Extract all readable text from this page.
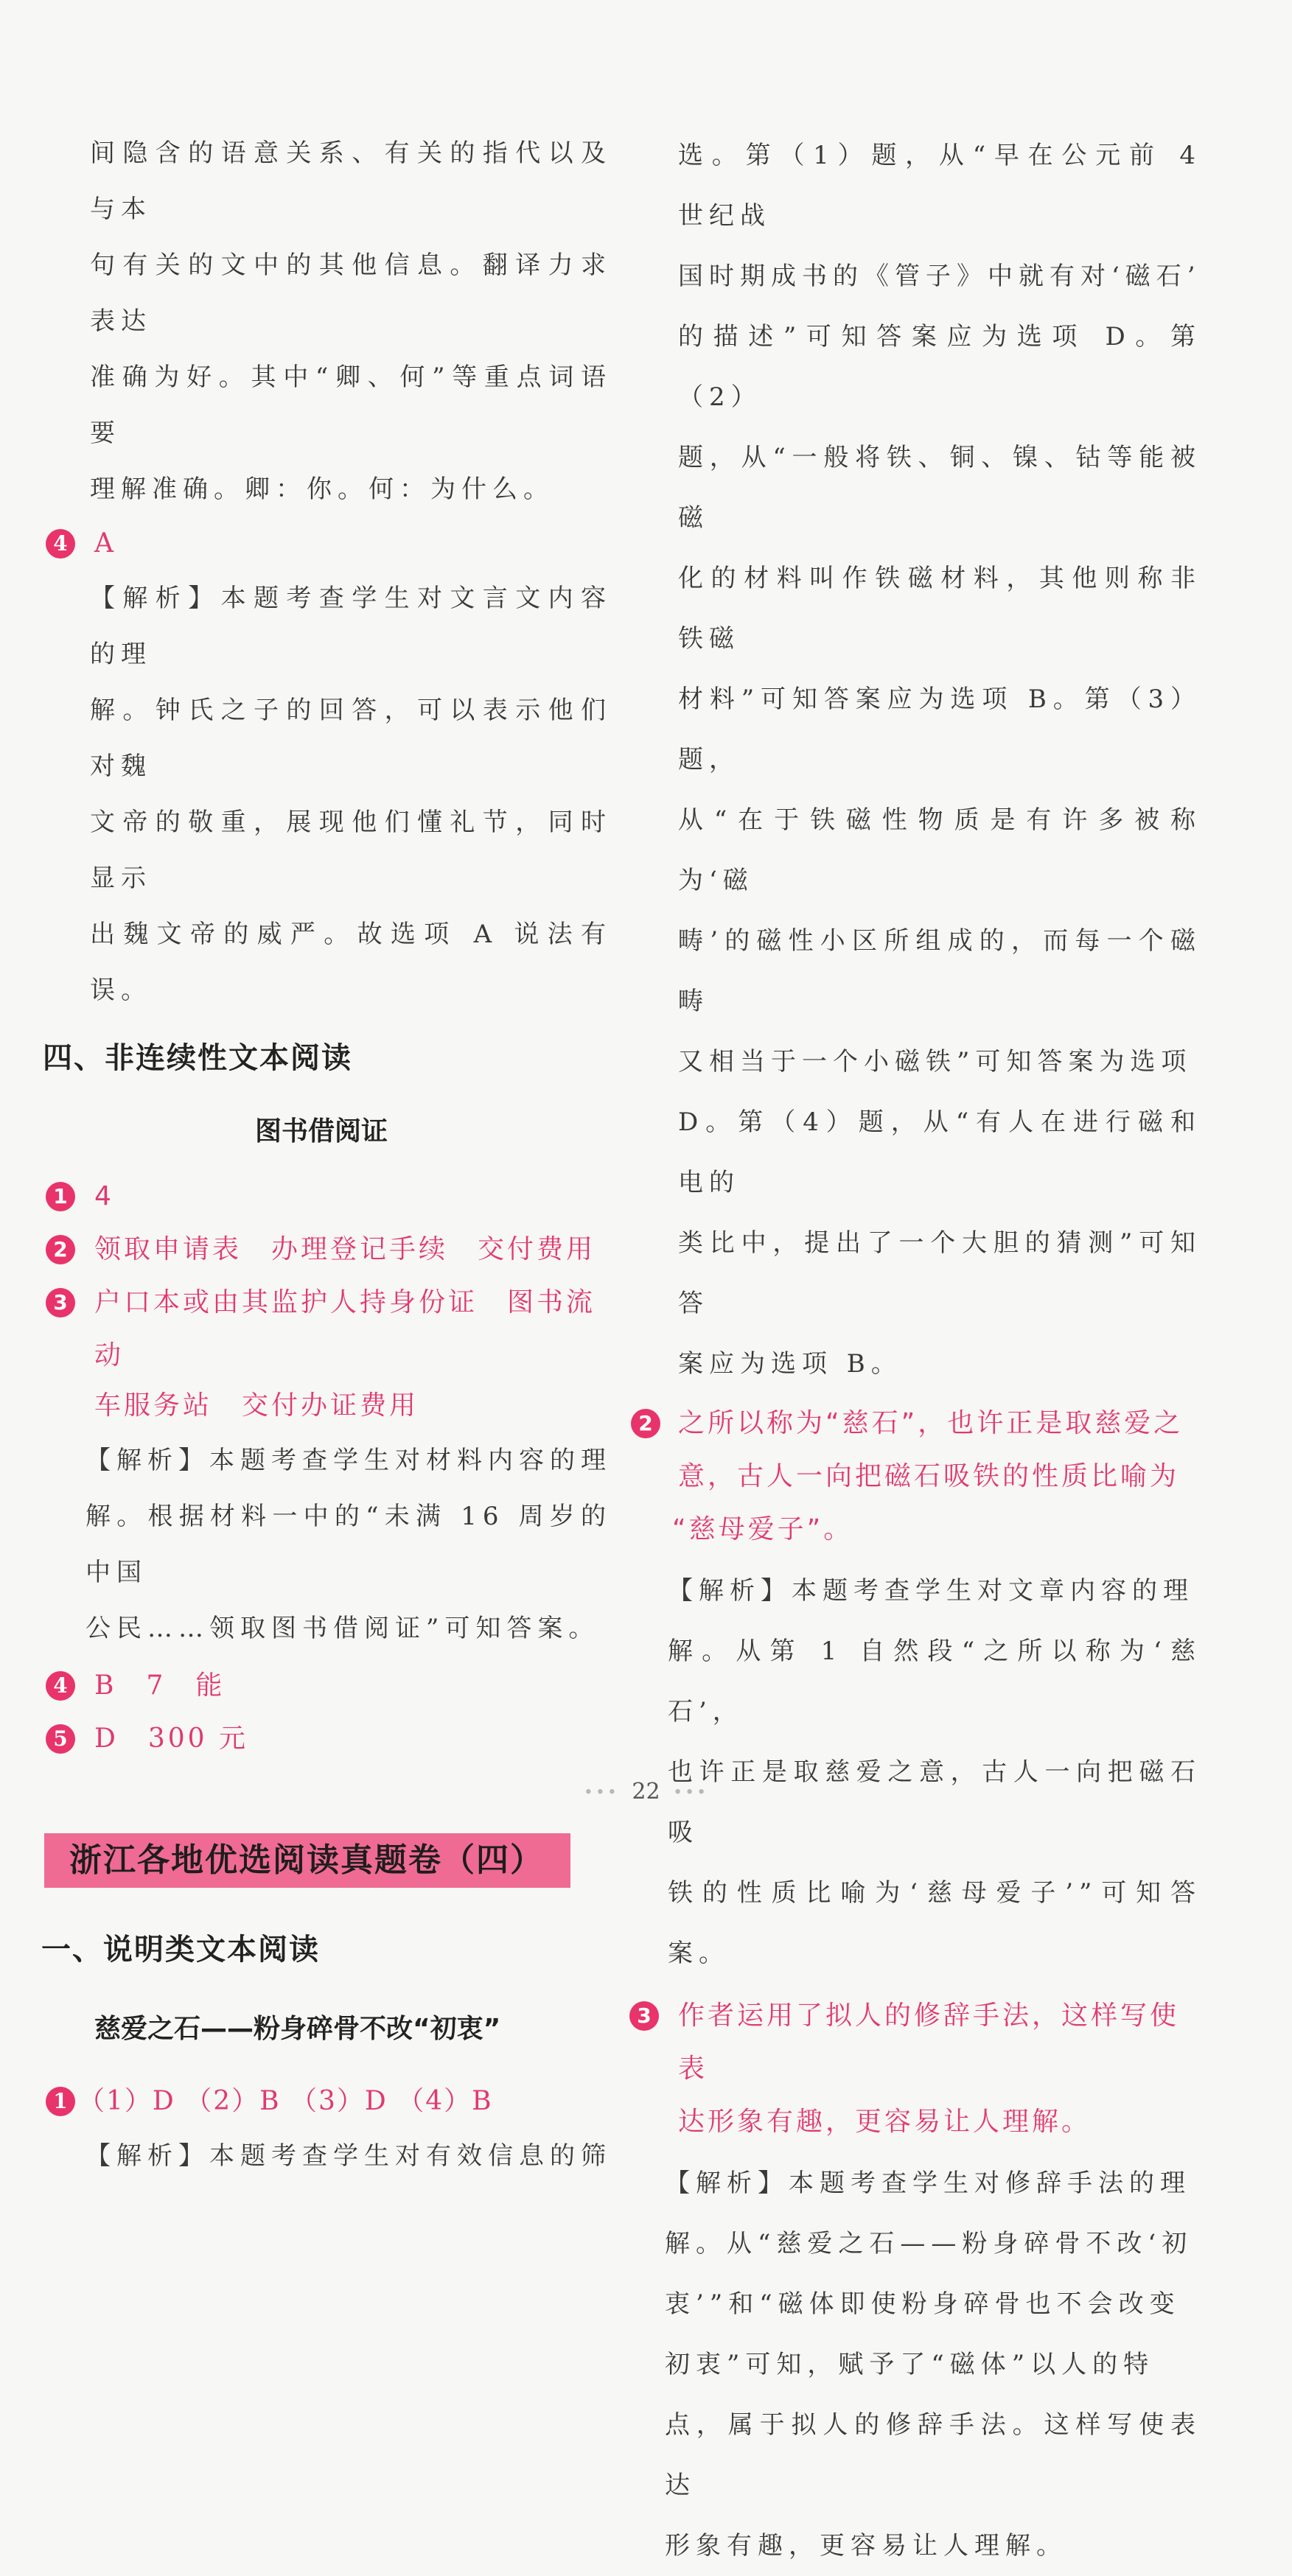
间隐含的语意关系、有关的指代以及与本

句有关的文中的其他信息。翻译力求表达

准确为好。其中“卿、何”等重点词语要

理解准确。卿：你。何：为什么。

4 A

【解析】本题考查学生对文言文内容的理

解。钟氏之子的回答，可以表示他们对魏

文帝的敬重，展现他们懂礼节，同时显示

出魏文帝的威严。故选项 A 说法有误。

四、非连续性文本阅读
图书借阅证

1 4

2 领取申请表　办理登记手续　交付费用

3 户口本或由其监护人持身份证　图书流动

车服务站　交付办证费用

【解析】本题考查学生对材料内容的理

解。根据材料一中的“未满 16 周岁的中国

公民……领取图书借阅证”可知答案。

4 B　7　能

5 D　300 元

浙江各地优选阅读真题卷（四）
一、说明类文本阅读
慈爱之石——粉身碎骨不改“初衷”

1 （1）D （2）B （3）D （4）B

【解析】本题考查学生对有效信息的筛

选。第（1）题，从“早在公元前 4 世纪战

国时期成书的《管子》中就有对‘磁石’

的描述”可知答案应为选项 D。第（2）

题，从“一般将铁、铜、镍、钴等能被磁

化的材料叫作铁磁材料，其他则称非铁磁

材料”可知答案应为选项 B。第（3）题，

从“在于铁磁性物质是有许多被称为‘磁

畴’的磁性小区所组成的，而每一个磁畴

又相当于一个小磁铁”可知答案为选项

D。第（4）题，从“有人在进行磁和电的

类比中，提出了一个大胆的猜测”可知答

案应为选项 B。

2 之所以称为“慈石”，也许正是取慈爱之

意，古人一向把磁石吸铁的性质比喻为

“慈母爱子”。

【解析】本题考查学生对文章内容的理

解。从第 1 自然段“之所以称为‘慈石’，

也许正是取慈爱之意，古人一向把磁石吸

铁的性质比喻为‘慈母爱子’”可知答案。

3 作者运用了拟人的修辞手法，这样写使表

达形象有趣，更容易让人理解。

【解析】本题考查学生对修辞手法的理

解。从“慈爱之石——粉身碎骨不改‘初

衷’”和“磁体即使粉身碎骨也不会改变

初衷”可知，赋予了“磁体”以人的特

点，属于拟人的修辞手法。这样写使表达

形象有趣，更容易让人理解。

••• 22 •••
